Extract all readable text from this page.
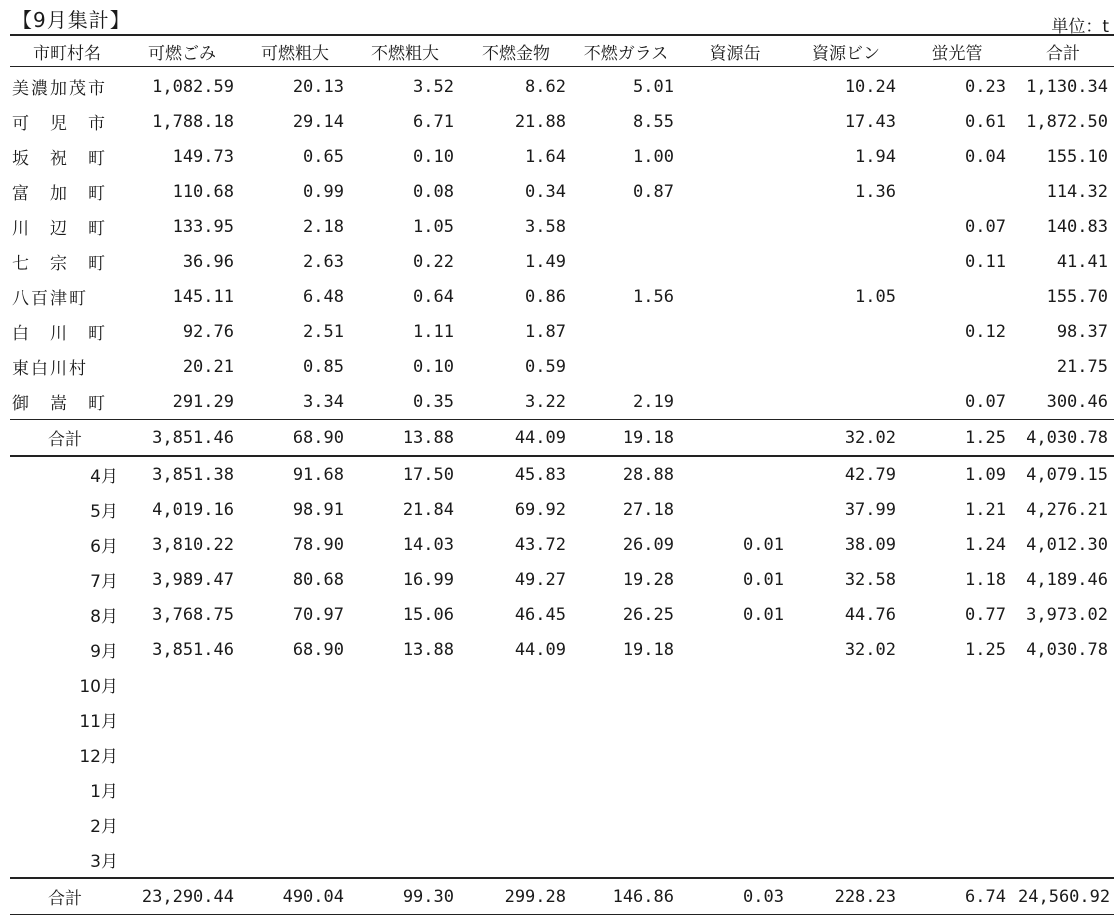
【9月集計】	単位：t
市町村名	可燃ごみ	可燃粗大	不燃粗大	不燃金物	不燃ガラス	資源缶	資源ビン	蛍光管	合計
美濃加茂市	1,082.59	20.13	3.52	8.62	5.01		10.24	0.23	1,130.34
可　児　市	1,788.18	29.14	6.71	21.88	8.55		17.43	0.61	1,872.50
坂　祝　町	149.73	0.65	0.10	1.64	1.00		1.94	0.04	155.10
富　加　町	110.68	0.99	0.08	0.34	0.87		1.36		114.32
川　辺　町	133.95	2.18	1.05	3.58				0.07	140.83
七　宗　町	36.96	2.63	0.22	1.49				0.11	41.41
八百津町	145.11	6.48	0.64	0.86	1.56		1.05		155.70
白　川　町	92.76	2.51	1.11	1.87				0.12	98.37
東白川村	20.21	0.85	0.10	0.59					21.75
御　嵩　町	291.29	3.34	0.35	3.22	2.19			0.07	300.46
合計	3,851.46	68.90	13.88	44.09	19.18		32.02	1.25	4,030.78
4月	3,851.38	91.68	17.50	45.83	28.88		42.79	1.09	4,079.15
5月	4,019.16	98.91	21.84	69.92	27.18		37.99	1.21	4,276.21
6月	3,810.22	78.90	14.03	43.72	26.09	0.01	38.09	1.24	4,012.30
7月	3,989.47	80.68	16.99	49.27	19.28	0.01	32.58	1.18	4,189.46
8月	3,768.75	70.97	15.06	46.45	26.25	0.01	44.76	0.77	3,973.02
9月	3,851.46	68.90	13.88	44.09	19.18		32.02	1.25	4,030.78
10月									
11月									
12月									
1月									
2月									
3月									
合計	23,290.44	490.04	99.30	299.28	146.86	0.03	228.23	6.74	24,560.92
